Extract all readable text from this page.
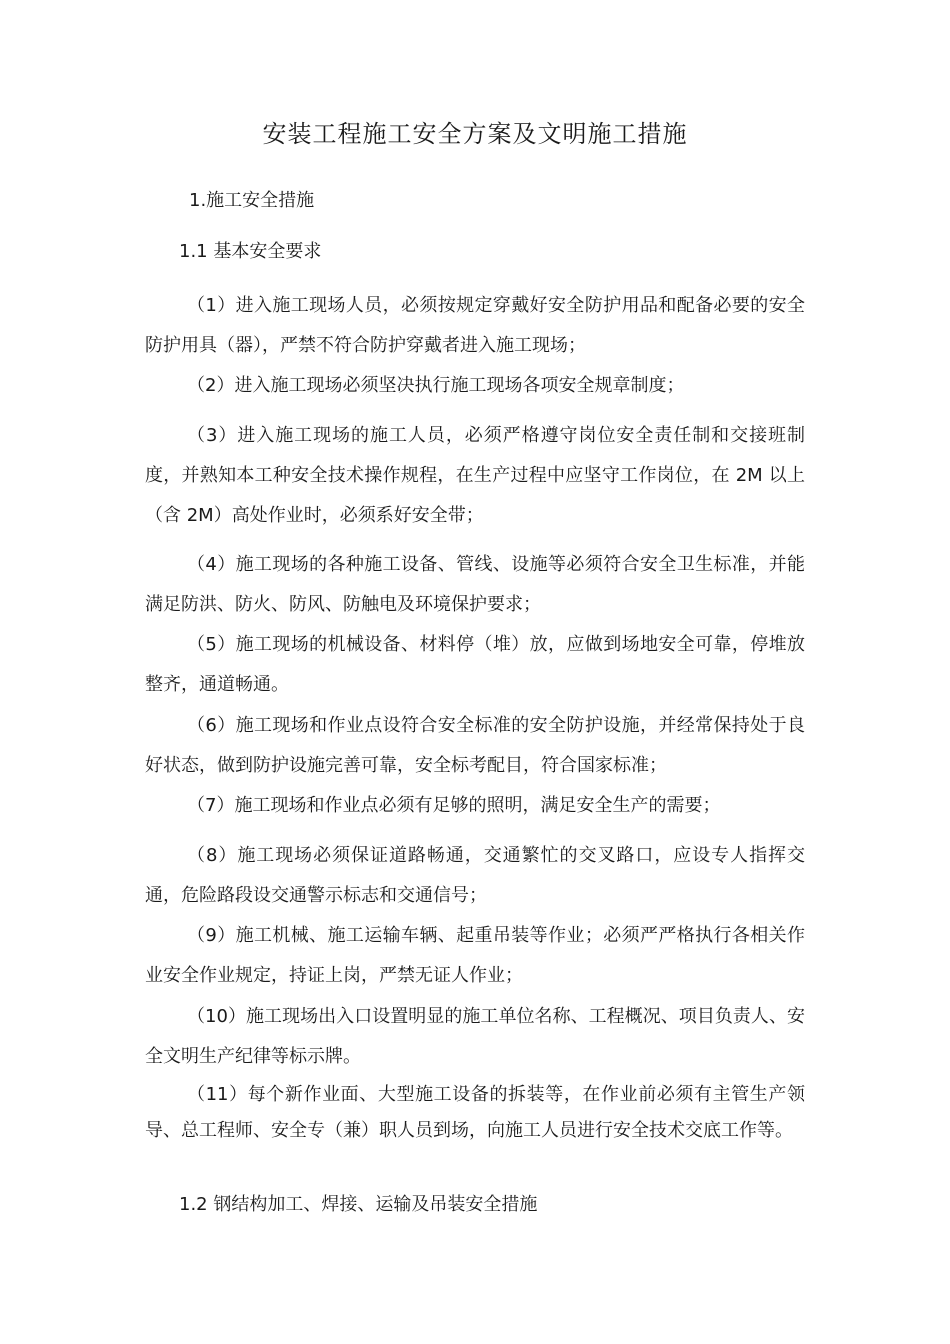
安装工程施工安全方案及文明施工措施
1.施工安全措施
1.1 基本安全要求

（1）进入施工现场人员，必须按规定穿戴好安全防护用品和配备必要的安全防护用具（器），严禁不符合防护穿戴者进入施工现场；

（2）进入施工现场必须坚决执行施工现场各项安全规章制度；

（3）进入施工现场的施工人员，必须严格遵守岗位安全责任制和交接班制度，并熟知本工种安全技术操作规程，在生产过程中应坚守工作岗位，在 2M 以上（含 2M）高处作业时，必须系好安全带；

（4）施工现场的各种施工设备、管线、设施等必须符合安全卫生标准，并能满足防洪、防火、防风、防触电及环境保护要求；

（5）施工现场的机械设备、材料停（堆）放，应做到场地安全可靠，停堆放整齐，通道畅通。

（6）施工现场和作业点设符合安全标准的安全防护设施，并经常保持处于良好状态，做到防护设施完善可靠，安全标考配目，符合国家标准；

（7）施工现场和作业点必须有足够的照明，满足安全生产的需要；

（8）施工现场必须保证道路畅通，交通繁忙的交叉路口，应设专人指挥交通，危险路段设交通警示标志和交通信号；

（9）施工机械、施工运输车辆、起重吊装等作业；必须严严格执行各相关作业安全作业规定，持证上岗，严禁无证人作业；

（10）施工现场出入口设置明显的施工单位名称、工程概况、项目负责人、安全文明生产纪律等标示牌。

（11）每个新作业面、大型施工设备的拆装等，在作业前必须有主管生产领导、总工程师、安全专（兼）职人员到场，向施工人员进行安全技术交底工作等。

1.2 钢结构加工、焊接、运输及吊装安全措施
